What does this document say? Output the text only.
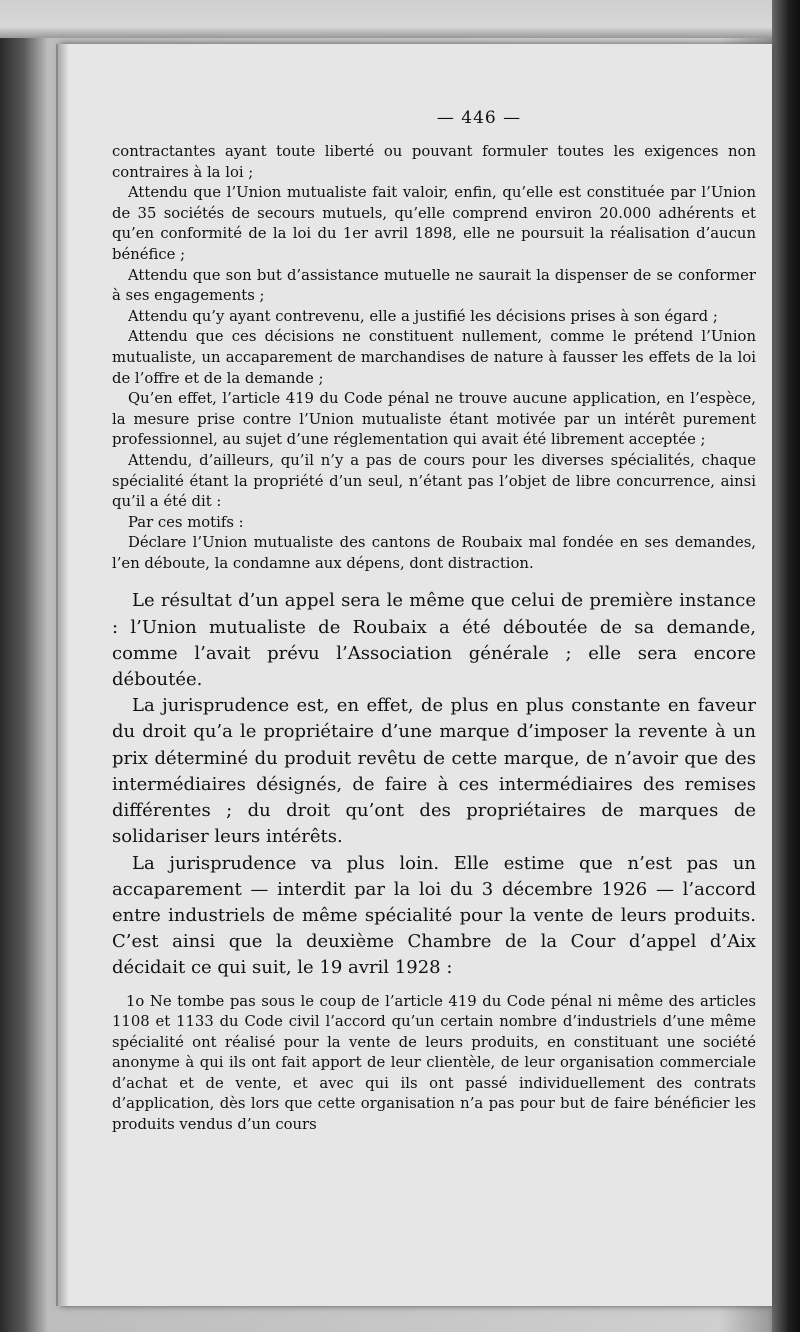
— 446 —

contractantes ayant toute liberté ou pouvant formuler toutes les exigences non contraires à la loi ;

Attendu que l’Union mutualiste fait valoir, enfin, qu’elle est constituée par l’Union de 35 sociétés de secours mutuels, qu’elle comprend environ 20.000 adhérents et qu’en conformité de la loi du 1er avril 1898, elle ne poursuit la réalisation d’aucun bénéfice ;

Attendu que son but d’assistance mutuelle ne saurait la dispenser de se conformer à ses engagements ;

Attendu qu’y ayant contrevenu, elle a justifié les décisions prises à son égard ;

Attendu que ces décisions ne constituent nullement, comme le prétend l’Union mutualiste, un accaparement de marchandises de nature à fausser les effets de la loi de l’offre et de la demande ;

Qu’en effet, l’article 419 du Code pénal ne trouve aucune application, en l’espèce, la mesure prise contre l’Union mutualiste étant motivée par un intérêt purement professionnel, au sujet d’une réglementation qui avait été librement acceptée ;

Attendu, d’ailleurs, qu’il n’y a pas de cours pour les diverses spécialités, chaque spécialité étant la propriété d’un seul, n’étant pas l’objet de libre concurrence, ainsi qu’il a été dit :

Par ces motifs :

Déclare l’Union mutualiste des cantons de Roubaix mal fondée en ses demandes, l’en déboute, la condamne aux dépens, dont distraction.

Le résultat d’un appel sera le même que celui de première instance : l’Union mutualiste de Roubaix a été déboutée de sa demande, comme l’avait prévu l’Association générale ; elle sera encore déboutée.

La jurisprudence est, en effet, de plus en plus constante en faveur du droit qu’a le propriétaire d’une marque d’imposer la revente à un prix déterminé du produit revêtu de cette marque, de n’avoir que des intermédiaires désignés, de faire à ces intermédiaires des remises différentes ; du droit qu’ont des propriétaires de marques de solidariser leurs intérêts.

La jurisprudence va plus loin. Elle estime que n’est pas un accaparement — interdit par la loi du 3 décembre 1926 — l’accord entre industriels de même spécialité pour la vente de leurs produits. C’est ainsi que la deuxième Chambre de la Cour d’appel d’Aix décidait ce qui suit, le 19 avril 1928 :

1o Ne tombe pas sous le coup de l’article 419 du Code pénal ni même des articles 1108 et 1133 du Code civil l’accord qu’un certain nombre d’industriels d’une même spécialité ont réalisé pour la vente de leurs produits, en constituant une société anonyme à qui ils ont fait apport de leur clientèle, de leur organisation commerciale d’achat et de vente, et avec qui ils ont passé individuellement des contrats d’application, dès lors que cette organisation n’a pas pour but de faire bénéficier les produits vendus d’un cours
